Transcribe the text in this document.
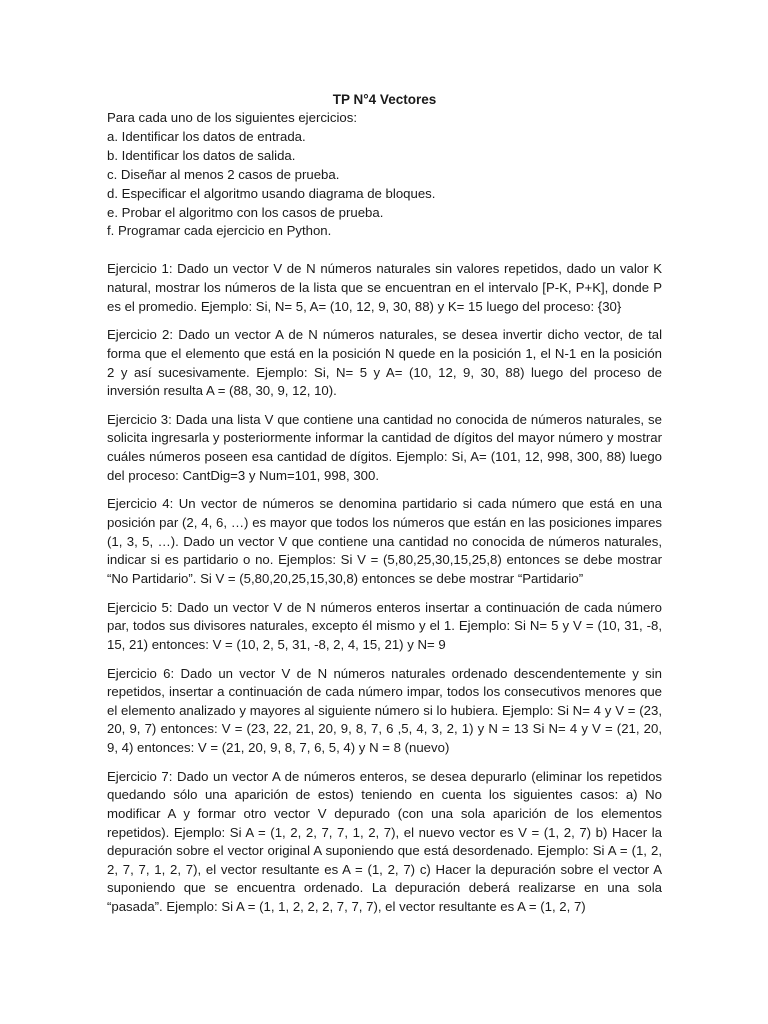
TP N°4 Vectores

Para cada uno de los siguientes ejercicios:

a. Identificar los datos de entrada.
b. Identificar los datos de salida.
c. Diseñar al menos 2 casos de prueba.
d. Especificar el algoritmo usando diagrama de bloques.
e. Probar el algoritmo con los casos de prueba.
f. Programar cada ejercicio en Python.

Ejercicio 1: Dado un vector V de N números naturales sin valores repetidos, dado un valor K natural, mostrar los números de la lista que se encuentran en el intervalo [P-K, P+K], donde P es el promedio. Ejemplo: Si, N= 5, A= (10, 12, 9, 30, 88) y K= 15 luego del proceso: {30}

Ejercicio 2: Dado un vector A de N números naturales, se desea invertir dicho vector, de tal forma que el elemento que está en la posición N quede en la posición 1, el N-1 en la posición 2 y así sucesivamente. Ejemplo: Si, N= 5 y A= (10, 12, 9, 30, 88) luego del proceso de inversión resulta A = (88, 30, 9, 12, 10).

Ejercicio 3: Dada una lista V que contiene una cantidad no conocida de números naturales, se solicita ingresarla y posteriormente informar la cantidad de dígitos del mayor número y mostrar cuáles números poseen esa cantidad de dígitos. Ejemplo: Si, A= (101, 12, 998, 300, 88) luego del proceso: CantDig=3 y Num=101, 998, 300.

Ejercicio 4: Un vector de números se denomina partidario si cada número que está en una posición par (2, 4, 6, …) es mayor que todos los números que están en las posiciones impares (1, 3, 5, …). Dado un vector V que contiene una cantidad no conocida de números naturales, indicar si es partidario o no. Ejemplos: Si V = (5,80,25,30,15,25,8) entonces se debe mostrar “No Partidario”. Si V = (5,80,20,25,15,30,8) entonces se debe mostrar “Partidario”

Ejercicio 5: Dado un vector V de N números enteros insertar a continuación de cada número par, todos sus divisores naturales, excepto él mismo y el 1. Ejemplo: Si N= 5 y V = (10, 31, -8, 15, 21) entonces: V = (10, 2, 5, 31, -8, 2, 4, 15, 21) y N= 9

Ejercicio 6: Dado un vector V de N números naturales ordenado descendentemente y sin repetidos, insertar a continuación de cada número impar, todos los consecutivos menores que el elemento analizado y mayores al siguiente número si lo hubiera. Ejemplo: Si N= 4 y V = (23, 20, 9, 7) entonces: V = (23, 22, 21, 20, 9, 8, 7, 6 ,5, 4, 3, 2, 1) y N = 13 Si N= 4 y V = (21, 20, 9, 4) entonces: V = (21, 20, 9, 8, 7, 6, 5, 4) y N = 8 (nuevo)

Ejercicio 7: Dado un vector A de números enteros, se desea depurarlo (eliminar los repetidos quedando sólo una aparición de estos) teniendo en cuenta los siguientes casos: a) No modificar A y formar otro vector V depurado (con una sola aparición de los elementos repetidos). Ejemplo: Si A = (1, 2, 2, 7, 7, 1, 2, 7), el nuevo vector es V = (1, 2, 7) b) Hacer la depuración sobre el vector original A suponiendo que está desordenado. Ejemplo: Si A = (1, 2, 2, 7, 7, 1, 2, 7), el vector resultante es A = (1, 2, 7) c) Hacer la depuración sobre el vector A suponiendo que se encuentra ordenado. La depuración deberá realizarse en una sola “pasada”. Ejemplo: Si A = (1, 1, 2, 2, 2, 7, 7, 7), el vector resultante es A = (1, 2, 7)
